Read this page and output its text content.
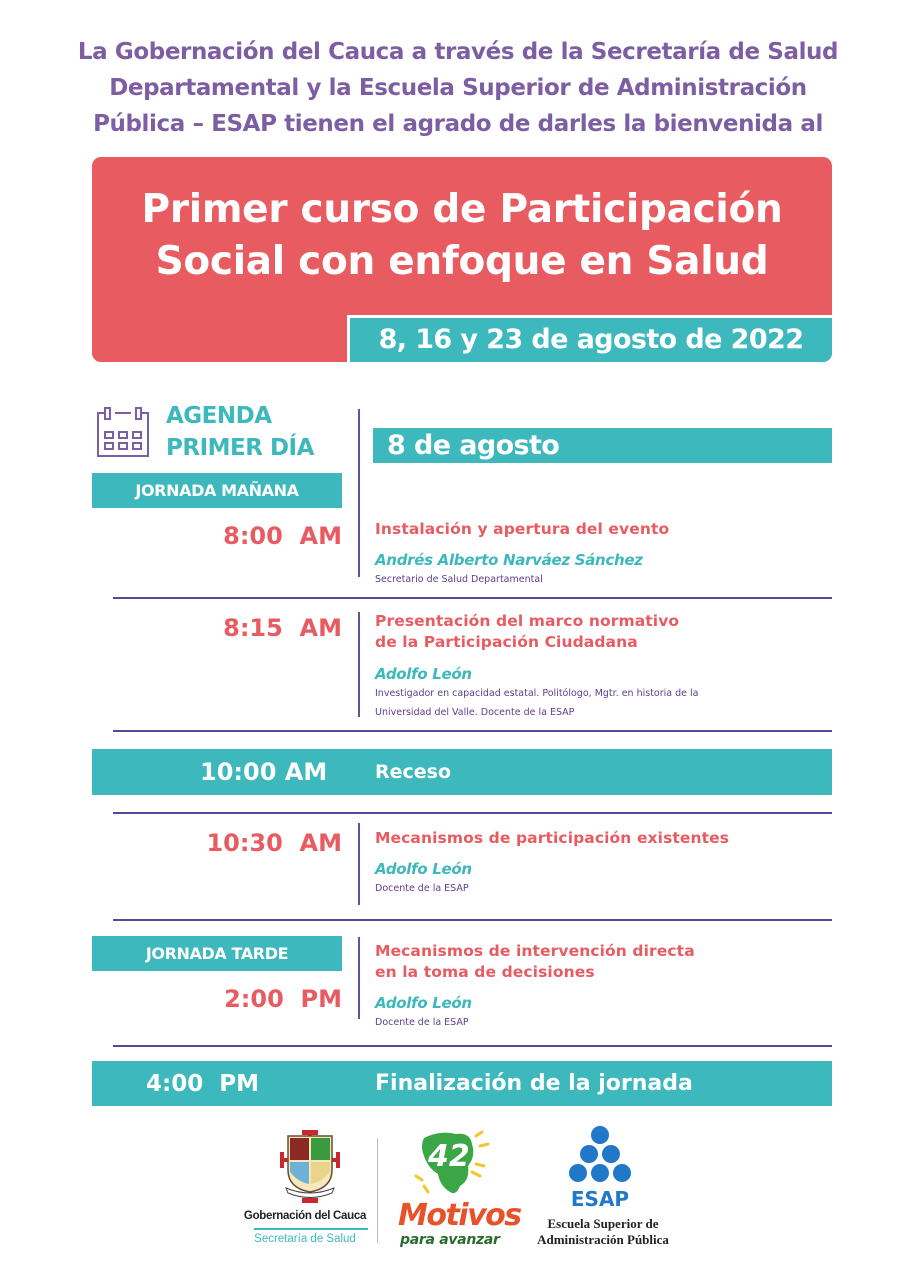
La Gobernación del Cauca a través de la Secretaría de Salud
Departamental y la Escuela Superior de Administración
Pública – ESAP tienen el agrado de darles la bienvenida al
Primer curso de Participación
Social con enfoque en Salud
8, 16 y 23 de agosto de 2022
AGENDA
PRIMER DÍA	8 de agosto
JORNADA MAÑANA
8:00  AM Instalación y apertura del evento
Andrés Alberto Narváez Sánchez
Secretario de Salud Departamental
8:15  AM Presentación del marco normativo
de la Participación Ciudadana
Adolfo León
Investigador en capacidad estatal. Politólogo, Mgtr. en historia de la
Universidad del Valle. Docente de la ESAP
10:00 AM	Receso
10:30  AM Mecanismos de participación existentes
Adolfo León
Docente de la ESAP
JORNADA TARDE
2:00  PM
Mecanismos de intervención directa
en la toma de decisiones
Adolfo León
Docente de la ESAP
4:00  PM	Finalización de la jornada
Gobernación del Cauca
Secretaría de Salud
42
Motivos
para avanzar
ESAP
Escuela Superior de
Administración Pública
